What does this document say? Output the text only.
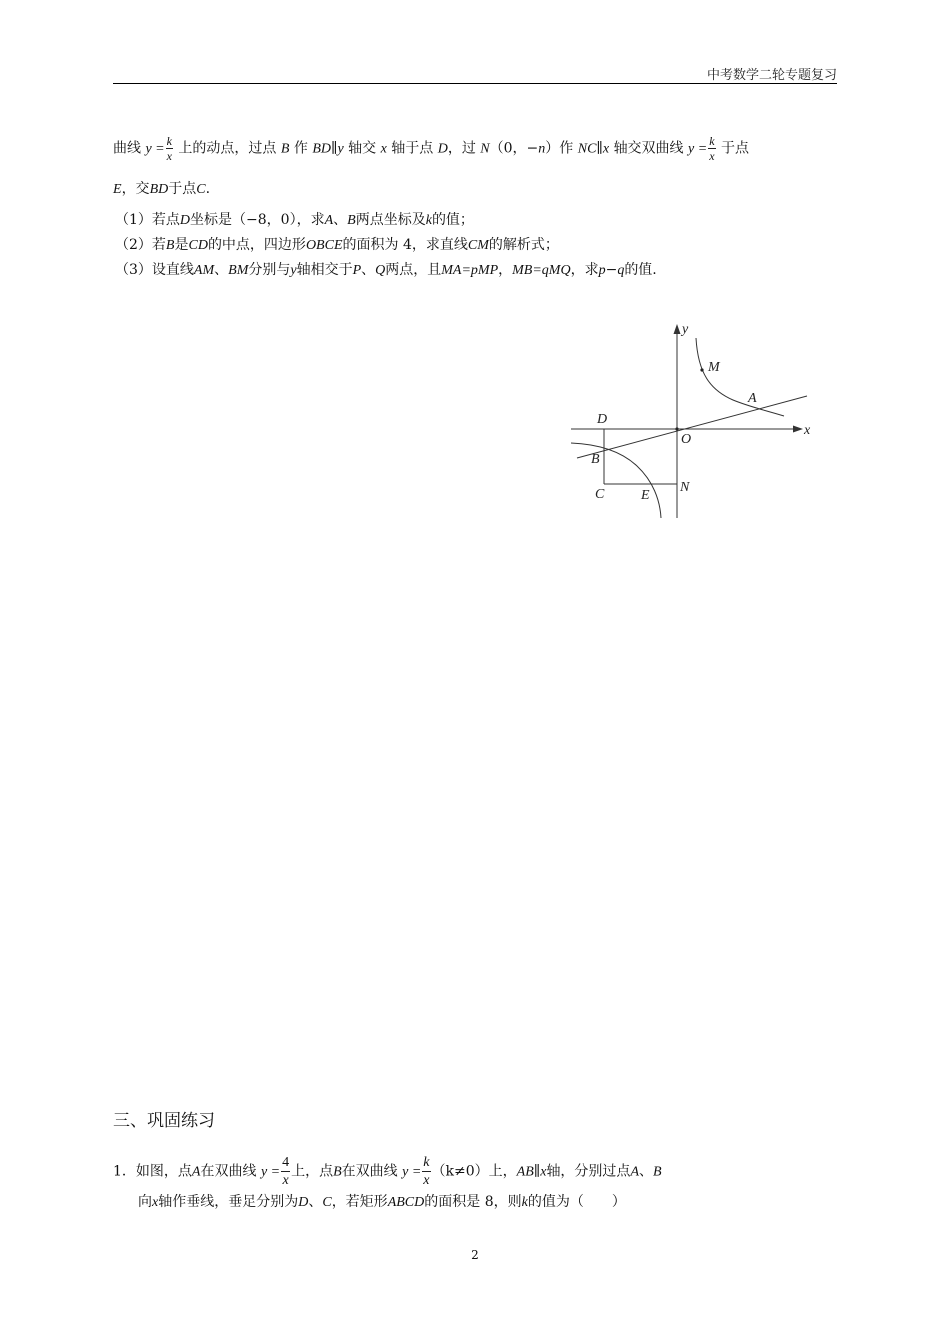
中考数学二轮专题复习
曲线 $y = \frac{k}{x}$ 上的动点，过点 B 作 BD∥y 轴交 x 轴于点 D，过 N（0，−n）作 NC∥x 轴交双曲线 $y = \frac{k}{x}$ 于点
E，交BD于点C.
（1）若点D坐标是（−8，0），求A、B两点坐标及k的值；
（2）若B是CD的中点，四边形OBCE的面积为 4，求直线CM的解析式；
（3）设直线AM、BM分别与y轴相交于P、Q两点，且MA=pMP，MB=qMQ，求p−q的值.
y
x
M
A
D
O
B
C	E
N
三、巩固练习
1．如图，点A在双曲线 $y = \frac{4}{x}$ 上，点B在双曲线 $y = \frac{k}{x} (k\ne 0)$上，AB∥x轴，分别过点A、B
向x轴作垂线，垂足分别为D、C，若矩形ABCD的面积是 8，则k的值为（　　）
2
